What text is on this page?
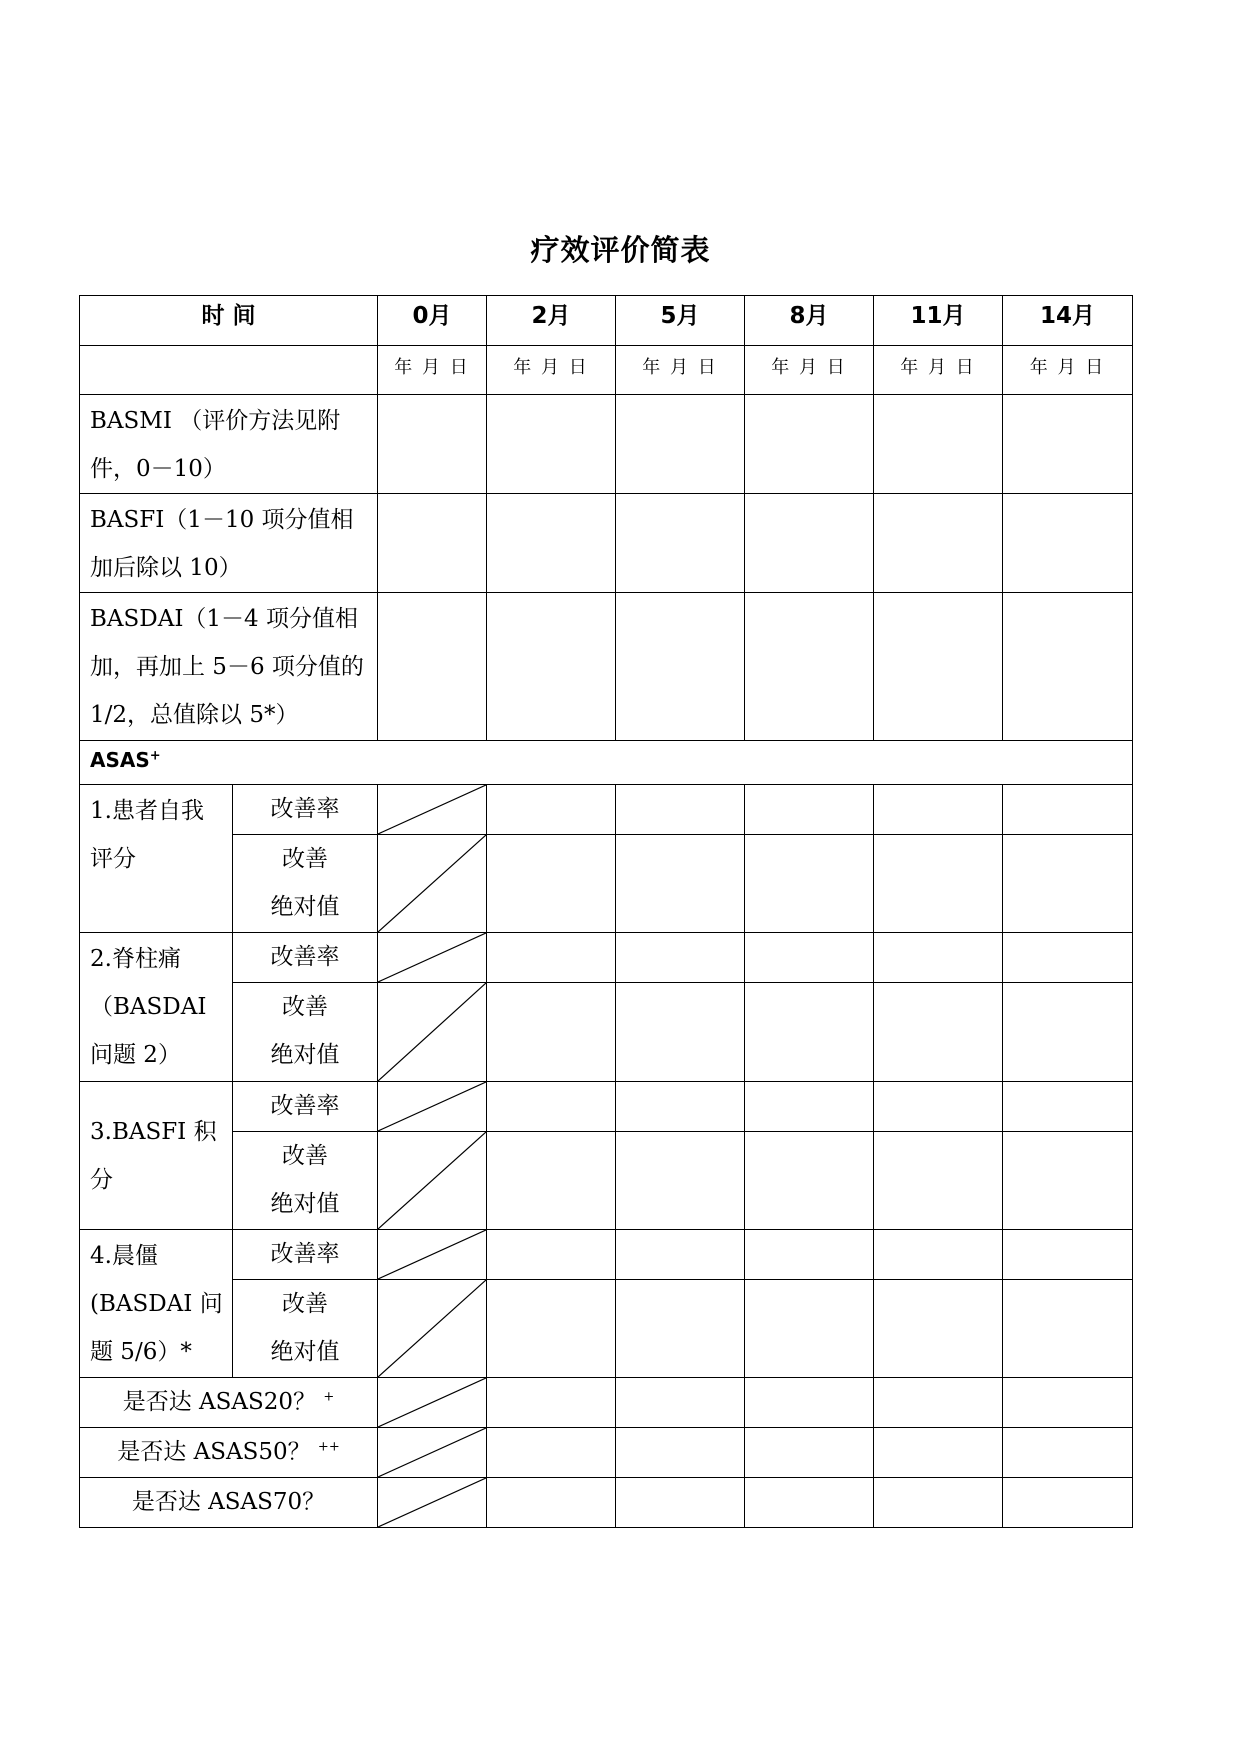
疗效评价简表
时 间		0月	2月	5月	8月	11月	14月
		年 月 日	年 月 日	年 月 日	年 月 日	年 月 日	年 月 日
BASMI （评价方法见附件，0－10）							
BASFI（1－10 项分值相加后除以 10）							
BASDAI（1－4 项分值相加，再加上 5－6 项分值的 1/2，总值除以 5*）							
ASAS+
1.患者自我评分	改善率	

	改善
绝对值

2.脊柱痛（BASDAI 问题 2）	改善率	

	改善
绝对值

3.BASFI 积分	改善率	

	改善
绝对值

4.晨僵(BASDAI 问题 5/6）*	改善率	

	改善
绝对值

是否达 ASAS20？ +	

是否达 ASAS50？ ++	

是否达 ASAS70？	
